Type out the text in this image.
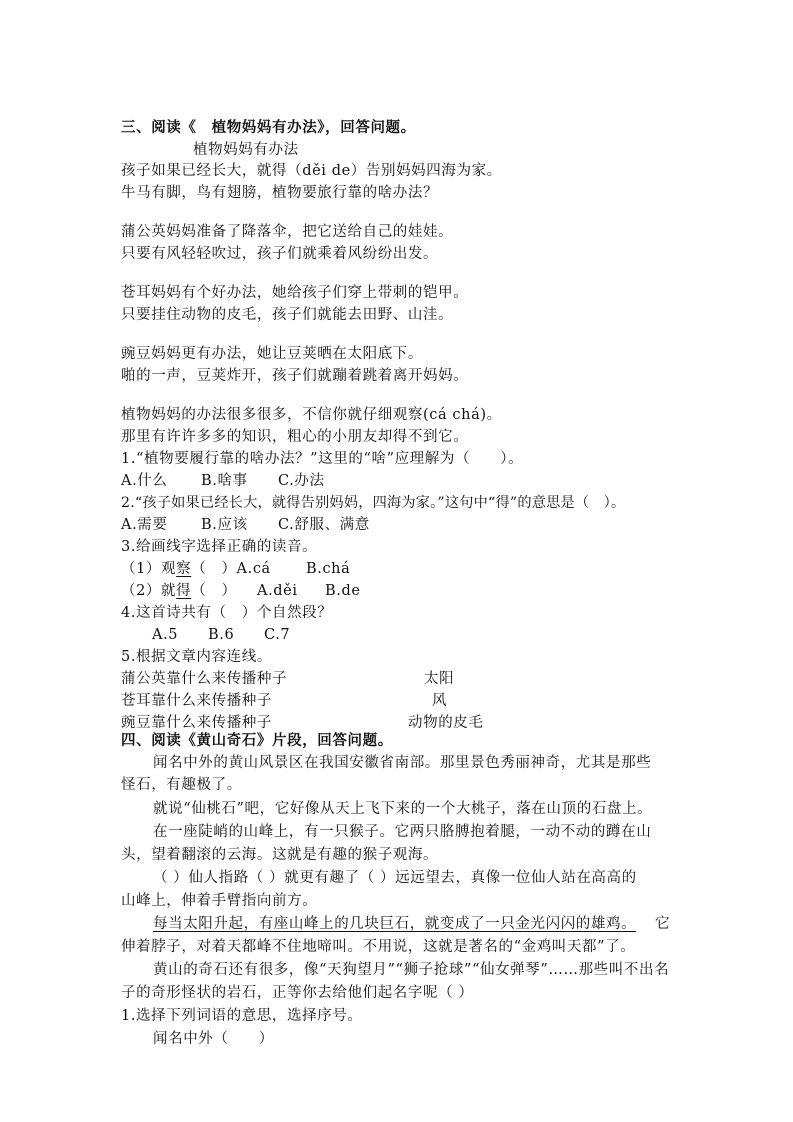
三、阅读《　植物妈妈有办法》，回答问题。
植物妈妈有办法
孩子如果已经长大，就得（děi de）告别妈妈四海为家。
牛马有脚，鸟有翅膀，植物要旅行靠的啥办法？
蒲公英妈妈准备了降落伞，把它送给自己的娃娃。
只要有风轻轻吹过，孩子们就乘着风纷纷出发。
苍耳妈妈有个好办法，她给孩子们穿上带刺的铠甲。
只要挂住动物的皮毛，孩子们就能去田野、山洼。
豌豆妈妈更有办法，她让豆荚晒在太阳底下。
啪的一声，豆荚炸开，孩子们就蹦着跳着离开妈妈。
植物妈妈的办法很多很多，不信你就仔细观察(cá chá)。
那里有许许多多的知识，粗心的小朋友却得不到它。
1.“植物要履行靠的啥办法？”这里的“啥”应理解为（　　）。
A.什么 B.啥事 C.办法
2.“孩子如果已经长大，就得告别妈妈，四海为家。”这句中“得”的意思是（　）。
A.需要 B.应该 C.舒服、满意
3.给画线字选择正确的读音。
（1）观察（　）A.cá B.chá
（2）就得（　） A.děi B.de
4.这首诗共有（　）个自然段？
A.5 B.6 C.7
5.根据文章内容连线。
蒲公英靠什么来传播种子
苍耳靠什么来传播种子
豌豆靠什么来传播种子
太阳
风
动物的皮毛
四、阅读《黄山奇石》片段，回答问题。
闻名中外的黄山风景区在我国安徽省南部。那里景色秀丽神奇，尤其是那些
怪石，有趣极了。
就说“仙桃石”吧，它好像从天上飞下来的一个大桃子，落在山顶的石盘上。
在一座陡峭的山峰上，有一只猴子。它两只胳膊抱着腿，一动不动的蹲在山
头，望着翻滚的云海。这就是有趣的猴子观海。
（ ）仙人指路（ ）就更有趣了（ ）远远望去，真像一位仙人站在高高的
山峰上，伸着手臂指向前方。
每当太阳升起，有座山峰上的几块巨石，就变成了一只金光闪闪的雄鸡。 它
伸着脖子，对着天都峰不住地啼叫。不用说，这就是著名的“金鸡叫天都”了。
黄山的奇石还有很多，像“天狗望月”“狮子抢球”“仙女弹琴”……那些叫不出名
子的奇形怪状的岩石，正等你去给他们起名字呢（ ）
1.选择下列词语的意思，选择序号。
闻名中外（　　）
